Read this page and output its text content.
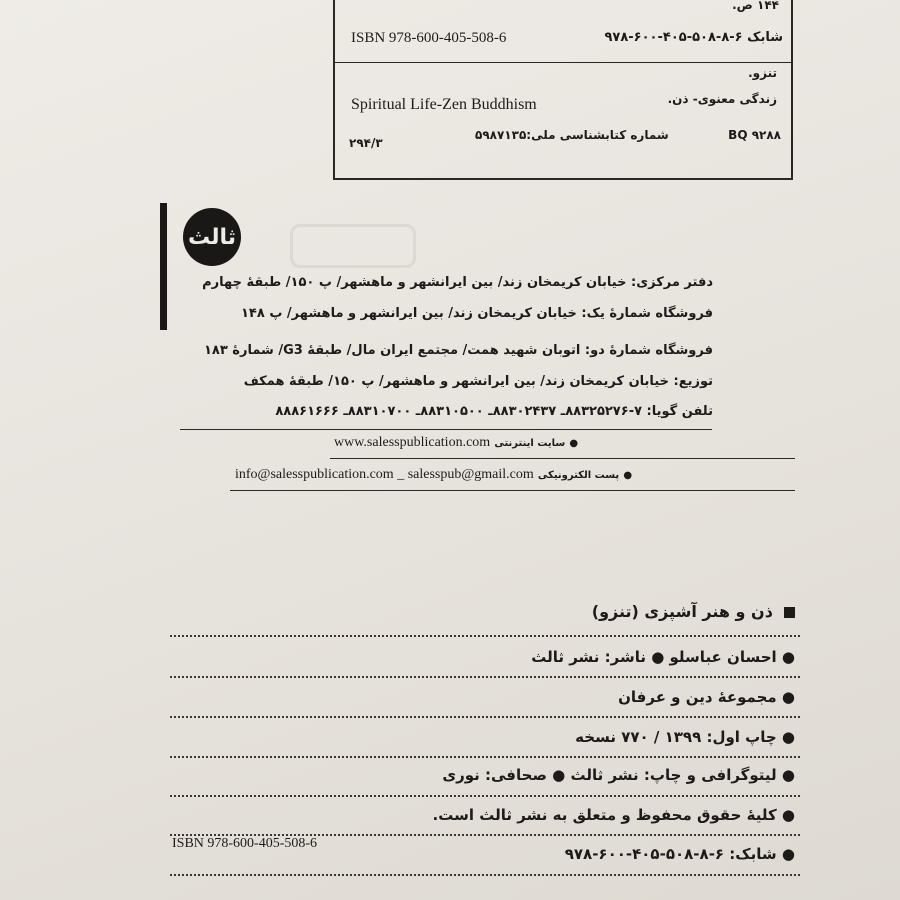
۱۴۴ ص.
شابک ۶-۸-۵۰۸-۴۰۵-۶۰۰-۹۷۸
ISBN 978-600-405-508-6
تنزو.
زندگی معنوی- ذن.
Spiritual Life-Zen Buddhism
BQ ۹۲۸۸
شماره کتابشناسی ملی:۵۹۸۷۱۳۵
۲۹۴/۳
ثالث
دفتر مرکزی: خیابان کریمخان زند/ بین ایرانشهر و ماهشهر/ پ ۱۵۰/ طبقهٔ چهارم
فروشگاه شمارهٔ یک: خیابان کریمخان زند/ بین ایرانشهر و ماهشهر/ پ ۱۴۸
فروشگاه شمارهٔ دو: اتوبان شهید همت/ مجتمع ایران مال/ طبقهٔ G3/ شمارهٔ ۱۸۳
توزیع: خیابان کریمخان زند/ بین ایرانشهر و ماهشهر/ پ ۱۵۰/ طبقهٔ همکف
تلفن گویا: ۷-۸۸۳۲۵۲۷۶ـ ۸۸۳۰۲۴۳۷ـ ۸۸۳۱۰۵۰۰ـ ۸۸۳۱۰۷۰۰ـ ۸۸۸۶۱۶۶۶
www.salesspublication.com سایت اینترنتی ●
info@salesspublication.com _ salesspub@gmail.com پست الکترونیکی ●
ذن و هنر آشپزی (تنزو)
● احسان عباسلو ● ناشر: نشر ثالث
● مجموعهٔ دین و عرفان
● چاپ اول: ۱۳۹۹ / ۷۷۰ نسخه
● لیتوگرافی و چاپ: نشر ثالث ● صحافی: نوری
● کلیهٔ حقوق محفوظ و متعلق به نشر ثالث است.
ISBN 978-600-405-508-6
● شابک: ۶-۸-۵۰۸-۴۰۵-۶۰۰-۹۷۸
